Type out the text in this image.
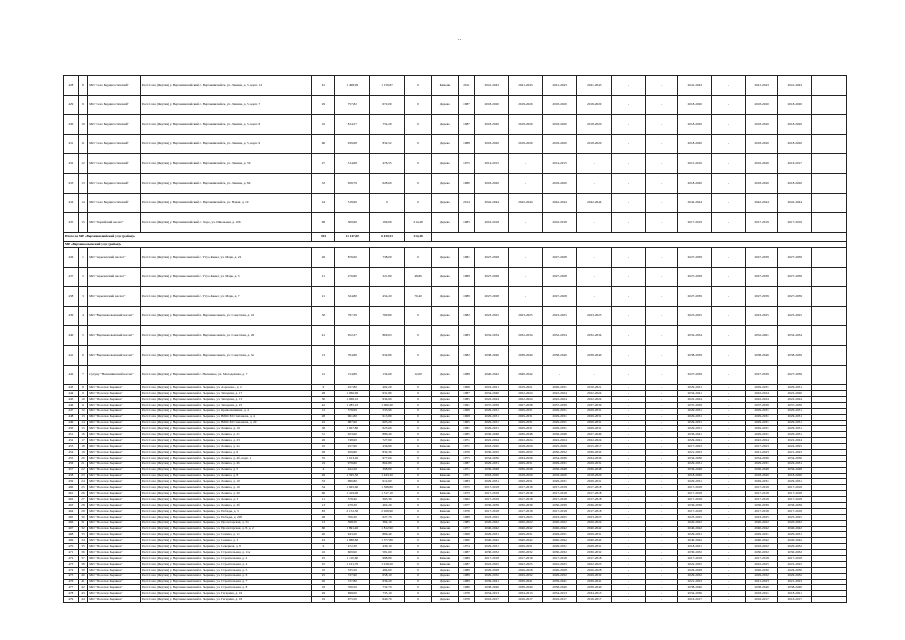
..
428	8	МО "село Бердигестяхский"	Респ Саха (Якутия) у. Верхневилюйский с. Верхневилюйск, ул. Ленина, д. 5, корп. 14	61	1 498,09	1 159,87	0	Каменн	2011	2041-2043	2041-2043	2041-2043	2041-2043	-	-	2041-2043	-	2041-2043	2041-2043	
429	9	МО "село Бердигестяхский"	Респ Саха (Якутия) у. Верхневилюйский с. Верхневилюйск, ул. Ленина, д. 5, корп. 7	29	757,82	672,00	0	Дерево	1987	2018-2020	2018-2020	2018-2020	2018-2020	-	-	2018-2020	-	2018-2020	2018-2020	
430	10	МО "село Бердигестяхский"	Респ Саха (Якутия) у. Верхневилюйский с. Верхневилюйск, ул. Ленина, д. 5, корп. 8	16	814,57	754,29	0	Дерево	1987	2018-2020	2018-2020	2018-2020	2018-2020	-	-	2018-2020	-	2018-2020	2018-2020	
431	11	МО "село Бердигестяхский"	Респ Саха (Якутия) у. Верхневилюйский с. Верхневилюйск, ул. Ленина, д. 5, корп. 9	66	939,68	834,52	0	Дерево	1988	2018-2020	2018-2020	2018-2020	2018-2020	-	-	2018-2020	-	2018-2020	2018-2020	
432	12	МО "село Бердигестяхский"	Респ Саха (Якутия) у. Верхневилюйский с. Верхневилюйск, ул. Ленина, д. 59	27	514,68	476,55	0	Дерево	1975	2014-2015	-	2014-2015	-	-	-	2015-2016	-	2016-2020	2016-2017	
433	13	МО "село Бердигестяхский"	Респ Саха (Якутия) у. Верхневилюйский с. Верхневилюйск, ул. Ленина, д. 84	32	658,79	628,00	0	Дерево	1980	2018-2020	-	2018-2020	-	-	-	2018-2020	-	2018-2020	2018-2020	
434	14	МО "село Бердигестяхский"	Респ Саха (Якутия) у. Верхневилюйский с. Верхневилюйск, ул. Новая, д. 10	24	518,90	0	0	Дерево	2014	2042-2044	2042-2044	2042-2044	2042-2044	-	-	2042-2044	-	2042-2044	2042-2044	
435	15	МО "Хорийский наслег"	Респ Саха (Якутия) у. Верхневилюйский с. Хоро, ул. Школьная, д. 106	68	309,90	169,06	214,48	Дерево	1985	2016-2018	-	2016-2018	-	-	-	2017-2019	-	2017-2019	2017-2019	
Итого по МР «Верхневилюйский улус (район)»				394	11 147,00	6 619,53	214,48													
МР «Верхнеколымский улус (район)»																				
436	1	МО "Арылахский наслег"	Респ Саха (Якутия) у. Верхнеколымский с. Утуо-Кыыл, ул. Марк, д. 22	26	876,00	738,00	0	Дерево	1981	2027-2028	-	2027-2028	-	-	-	2027-2039	-	2027-2039	2027-2039	
437	2	МО "Арылахский наслег"	Респ Саха (Якутия) у. Верхнеколымский с. Утуо-Кыыл, ул. Марк, д. 5	21	276,80	221,80	48,80	Дерево	1989	2027-2028	-	2027-2028	-	-	-	2027-2039	-	2027-2039	2027-2039	
438	3	МО "Арылахский наслег"	Респ Саха (Якутия) у. Верхнеколымский с. Утуо-Кыыл, ул. Марк, д. 7	21	324,80	454,20	70,40	Дерево	1989	2027-2028	-	2027-2028	-	-	-	2027-2039	-	2027-2039	2027-2039	
439	4	МО "Верхнеколымский наслег"	Респ Саха (Якутия) у. Верхнеколымский п. Верхнеколымск, ул. Советская, д. 16	50	797,39	769,80	0	Дерево	1982	2023-2025	2023-2025	2023-2025	2023-2025	-	-	2023-2025	-	2023-2025	2023-2025	
440	5	МО "Верхнеколымский наслег"	Респ Саха (Якутия) у. Верхнеколымский п. Верхнеколымск, ул. Советская, д. 26	41	952,27	869,63	0	Дерево	1983	2032-2034	2032-2034	2032-2034	2032-2034	-	-	2032-2034	-	2032-2061	2032-2034	
441	6	МО "Верхнеколымский наслег"	Респ Саха (Якутия) у. Верхнеколымский п. Верхнеколымск, ул. Советская, д. 5а	13	764,86	634,80	0	Дерево	1982	2038-2040	2038-2040	2038-2040	2038-2040	-	-	2038-2039	-	2038-2040	2038-2039	
442	7	Сулуну "Нелемнинский наслег"	Респ Саха (Якутия) у. Верхнеколымский с. Нелемное, ул. Молодежная, д. 7	12	154,89	134,69	12,00	Дерево	1988	2040-2042	2040-2042	-	-	-	-	2027-2039	-	2027-2039	2027-2039	
443	8	МО "Поселок Зырянка"	Респ Саха (Якутия) у. Верхнеколымский п. Зырянка, ул. Аэровокз., д. 2	9	457,80	402,20	0	Дерево	1968	2019-2021	2019-2021	2026-2031	2016-2021	-	-	2029-2031	-	2029-2031	2029-2031	
444	9	МО "Поселок Зырянка"	Респ Саха (Якутия) у. Верхнеколымский п. Зырянка, ул. Западная, д. 17	28	1 066,00	931,80	0	Дерево	1987	2034-2040	2022-2024	2022-2024	2022-2024	-	-	2034-2041	-	2022-2024	2022-2026	
445	10	МО "Поселок Зырянка"	Респ Саха (Якутия) у. Верхнеколымский п. Зырянка, ул. Западная, д. 13	30	1 068,10	934,90	0	Дерево	1985	2022-2024	2022-2024	2022-2024	2022-2024	-	-	2022-2024	-	2022-2024	2022-2024	
446	11	МО "Поселок Зырянка"	Респ Саха (Якутия) у. Верхнеколымский п. Зырянка, ул. Западная, д. 25	42	1 285,10	1 060,40	0	Дерево	1991	2037-2039	2027-2038	2037-2039	2037-2039	-	-	2037-2039	-	2037-2039	2037-2039	
447	12	МО "Поселок Зырянка"	Респ Саха (Якутия) у. Верхнеколымский п. Зырянка, ул. Кривошапкина, д. 4	12	578,99	533,90	0	Дерево	1969	2029-2031	2029-2031	2029-2031	2029-2031	-	-	2029-2031	-	2029-2031	2029-2031	
448	13	МО "Поселок Зырянка"	Респ Саха (Якутия) у. Верхнеколымский п. Зырянка, ул. ВЛКСМ Степанова, д. 4	28	961,80	913,80	0	Дерево	1968	2029-2031	2029-2031	2029-2031	2029-2031	-	-	2029-2031	-	2029-2031	2029-2031	
449	14	МО "Поселок Зырянка"	Респ Саха (Якутия) у. Верхнеколымский п. Зырянка, ул. ВЛКСМ Степанова, д. 20	22	687,90	605,20	0	Дерево	1965	2029-2031	2029-2031	2029-2031	2029-2031	-	-	2029-2031	-	2029-2031	2029-2031	
450	15	МО "Поселок Зырянка"	Респ Саха (Якутия) у. Верхнеколымский п. Зырянка, ул. Ленина, д. 19	36	1 007,80	923,60	0	Дерево	1981	2029-2031	2029-2031	2029-2031	2029-2031	-	-	2029-2031	-	2029-2031	2029-2031	
451	16	МО "Поселок Зырянка"	Респ Саха (Якутия) у. Верхнеколымский п. Зырянка, ул. Ленина, д. 21	31	923,90	889,40	0	Дерево	1985	2036-2048	2036-2048	2036-2048	2027-2049	-	-	2036-2041	-	2029-2031	2029-2031	
452	17	МО "Поселок Зырянка"	Респ Саха (Якутия) у. Верхнеколымский п. Зырянка, ул. Ленина, д. 23	26	748,90	727,90	0	Дерево	1971	2022-2024	2022-2024	2022-2024	2022-2024	-	-	2029-2041	-	2022-2024	2022-2024	
453	18	МО "Поселок Зырянка"	Респ Саха (Якутия) у. Верхнеколымский п. Зырянка, ул. Ленина, д. 2а	10	457,90	436,80	0	Каменн	1971	2018-2020	2018-2020	2025-2026	2015-2017	-	-	2017-2023	-	2017-2023	2024-2025	
454	19	МО "Поселок Зырянка"	Респ Саха (Якутия) у. Верхнеколымский п. Зырянка, ул. Ленина, д. 6	28	929,80	832,30	0	Дерево	1970	2030-2032	2030-2032	2030-2032	2030-2032	-	-	2021-2023	-	2021-2023	2021-2023	
455	20	МО "Поселок Зырянка"	Респ Саха (Якутия) у. Верхнеколымский п. Зырянка, ул. Ленина, д. 4б, корп. 1	35	1 013,20	977,00	0	Дерево	1975	2034-2036	2034-2036	2034-2036	2034-2036	-	-	2034-2036	-	2034-2036	2034-2036	
456	21	МО "Поселок Зырянка"	Респ Саха (Якутия) у. Верхнеколымский п. Зырянка, ул. Ленина, д. 4б	19	978,60	864,80	0	Дерево	1987	2029-2031	2029-2031	2029-2031	2029-2031	-	-	2029-2031	-	2029-2031	2029-2031	
457	22	МО "Поселок Зырянка"	Респ Саха (Якутия) у. Верхнеколымский п. Зырянка, ул. Ленина, д. 5	4	422,20	398,80	0	Каменн	1971	2036-2048	2036-2048	2036-2048	2036-2048	-	-	2036-2048	-	2036-2048	2036-2048	
458	23	МО "Поселок Зырянка"	Респ Саха (Якутия) у. Верхнеколымский п. Зырянка, ул. Ленина, д. 8	49	1 595,50	1 443,20	0	Каменн	1971	2018-2020	2018-2020	2018-2020	2018-2020	-	-	2018-2020	-	2018-2020	2018-2020	
459	24	МО "Поселок Зырянка"	Респ Саха (Якутия) у. Верхнеколымский п. Зырянка, ул. Ленина, д. 10	33	986,80	912,60	0	Каменн	1983	2029-2031	2029-2031	2029-2031	2029-2031	-	-	2029-2031	-	2029-2031	2029-2031	
460	25	МО "Поселок Зырянка"	Респ Саха (Якутия) у. Верхнеколымский п. Зырянка, ул. Ленина, д. 16	34	1 665,60	1 598,80	0	Каменн	1975	2017-2018	2017-2018	2017-2018	2017-2018	-	-	2017-2018	-	2017-2018	2017-2018	
461	26	МО "Поселок Зырянка"	Респ Саха (Якутия) у. Верхнеколымский п. Зырянка, ул. Ленина, д. 20	60	1 419,00	1 317,10	0	Каменн	1973	2017-2018	2017-2018	2017-2018	2017-2018	-	-	2017-2018	-	2017-2018	2017-2018	
462	27	МО "Поселок Зырянка"	Респ Саха (Якутия) у. Верхнеколымский п. Зырянка, ул. Ленина, д. 3	11	378,40	363,30	0	Дерево	1962	2017-2018	2017-2018	2017-2018	2017-2018	-	-	2017-2018	-	2017-2018	2017-2018	
463	28	МО "Поселок Зырянка"	Респ Саха (Якутия) у. Верхнеколымский п. Зырянка, ул. Ленина, д. 4б	13	478,30	462,20	0	Дерево	1977	2036-2039	2036-2039	2036-2039	2036-2039	-	-	2036-2039	-	2036-2039	2036-2039	
464	29	МО "Поселок Зырянка"	Респ Саха (Якутия) у. Верхнеколымский п. Зырянка, ул. Победы, д. 3	83	2 152,30	2 028,90	0	Каменн	1976	2017-2018	2017-2018	2017-2018	2017-2018	-	-	2017-2018	-	2017-2018	2017-2018	
465	30	МО "Поселок Зырянка"	Респ Саха (Якутия) у. Верхнеколымский п. Зырянка, ул. Победы, д. 20б	28	706,30	627,70	0	Дерево	1988	2023-2025	2023-2025	2023-2025	2023-2025	-	-	2023-2025	-	2023-2025	2023-2025	
466	31	МО "Поселок Зырянка"	Респ Саха (Якутия) у. Верхнеколымский п. Зырянка, ул. Пролетарская, д. 3а	13	398,50	384,10	0	Дерево	1985	2020-2022	2020-2022	2020-2022	2020-2022	-	-	2020-2022	-	2020-2022	2020-2022	
467	32	МО "Поселок Зырянка"	Респ Саха (Якутия) у. Верхнеколымский п. Зырянка, ул. Пролетарская, д. 8, д. 2	60	1 891,40	1 812,90	0	Каменн	1977	2040-2042	2040-2042	2040-2042	2040-2042	-	-	2040-2042	-	2040-2042	2040-2042	
468	33	МО "Поселок Зырянка"	Респ Саха (Якутия) у. Верхнеколымский п. Зырянка, ул. Семена, д. 11	26	943,20	886,40	0	Дерево	1968	2029-2031	2029-2031	2029-2031	2029-2031	-	-	2029-2031	-	2029-2031	2029-2031	
469	34	МО "Поселок Зырянка"	Респ Саха (Якутия) у. Верхнеколымский п. Зырянка, ул. Семена, д. 3	43	1 688,60	1 577,80	0	Каменн	1966	2040-2042	2040-2042	2040-2042	2040-2042	-	-	2040-2042	-	2040-2042	2040-2042	
470	35	МО "Поселок Зырянка"	Респ Саха (Якутия) у. Верхнеколымский п. Зырянка, ул. Северная, д. 8	9	472,30	439,10	0	Дерево	1974	2029-2031	2029-2031	2029-2031	2029-2031	-	-	2018-2021	-	2018-2022	2029-2032	
471	36	МО "Поселок Зырянка"	Респ Саха (Якутия) у. Верхнеколымский п. Зырянка, ул. Строительная, д. 11а	16	609,90	581,60	0	Дерево	1987	2030-2032	2030-2032	2030-2032	2030-2032	-	-	2030-2032	-	2030-2032	2030-2032	
472	37	МО "Поселок Зырянка"	Респ Саха (Якутия) у. Верхнеколымский п. Зырянка, ул. Строительная, д. 2	25	1 110,60	988,80	0	Каменн	1989	2017-2018	2017-2018	2017-2018	2017-2018	-	-	2017-2018	-	2017-2018	2017-2018	
473	38	МО "Поселок Зырянка"	Респ Саха (Якутия) у. Верхнеколымский п. Зырянка, ул. Строительная, д. 4	25	1 101,70	1 018,20	0	Каменн	1987	2022-2025	2022-2025	2022-2025	2022-2025	-	-	2022-2025	-	2022-2025	2022-2025	
474	39	МО "Поселок Зырянка"	Респ Саха (Якутия) у. Верхнеколымский п. Зырянка, ул. Строительная, д. 5	10	535,50	484,60	0	Дерево	1989	2026-2028	2026-2028	2026-2028	2026-2028	-	-	2026-2028	-	2026-2030	2026-2030	
475	40	МО "Поселок Зырянка"	Респ Саха (Якутия) у. Верхнеколымский п. Зырянка, ул. Строительная, д. 6	25	727,90	658,10	0	Дерево	1989	2029-2032	2029-2032	2029-2032	2029-2032	-	-	2029-2032	-	2029-2032	2029-2032	
476	41	МО "Поселок Зырянка"	Респ Саха (Якутия) у. Верхнеколымский п. Зырянка, ул. Строительная, д. 7	20	727,80	636,20	0	Дерево	1989	2039-2041	2039-2041	2039-2041	2039-2041	-	-	2021-2023	-	2021-2023	2021-2023	
477	42	МО "Поселок Зырянка"	Респ Саха (Якутия) у. Верхнеколымский п. Зырянка, ул. Строительная, д. 8	18	766,50	732,70	0	Дерево	1986	2038-2040	2038-2040	2038-2040	2038-2040	-	-	2038-2040	-	2038-2040	2038-2040	
478	43	МО "Поселок Зырянка"	Респ Саха (Якутия) у. Верхнеколымский п. Зырянка, ул. Гагарина, д. 16	29	698,00	735,10	0	Дерево	1978	2034-2013	2034-2013	2034-2013	2034-2013	-	-	2034-2036	-	2018-2021	2018-2021	
479	44	МО "Поселок Зырянка"	Респ Саха (Якутия) у. Верхнеколымский п. Зырянка, ул. Гагарина, д. 18	19	675,50	640,70	0	Дерево	1978	2016-2017	2016-2017	2016-2017	2016-2017	-	-	2016-2017	-	2016-2017	2016-2017	
